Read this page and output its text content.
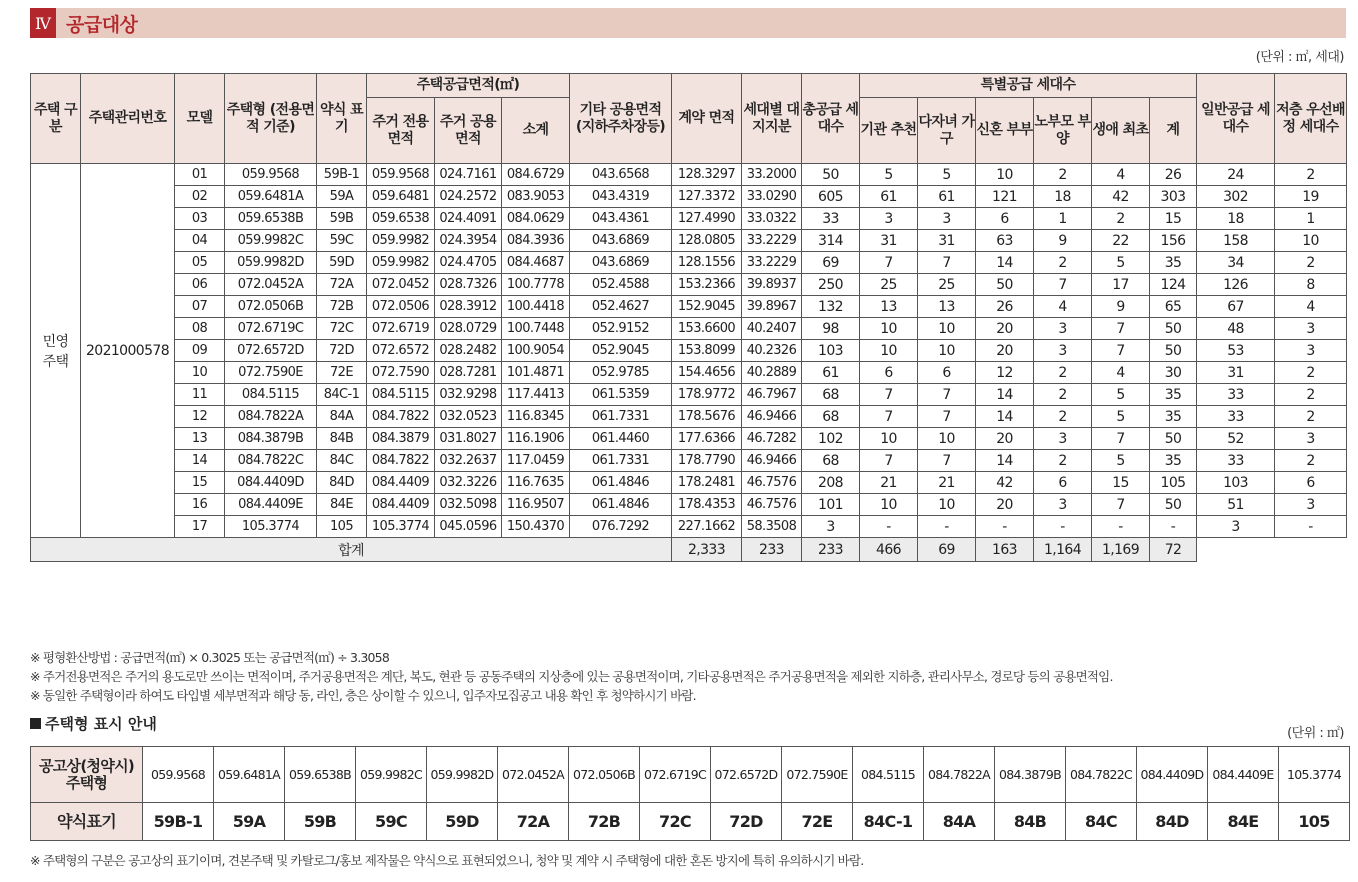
Ⅳ 공급대상
(단위 : ㎡, 세대)
주택 구분	주택관리번호	모델	주택형 (전용면적 기준)	약식 표기	주택공급면적(㎡)			기타 공용면적 (지하주차장등)	계약 면적	세대별 대지지분	총공급 세대수	특별공급 세대수						일반공급 세대수	저층 우선배정 세대수
					주거 전용면적	주거 공용면적	소계					기관 추천	다자녀 가구	신혼 부부	노부모 부양	생애 최초	계		
민영 주택	2021000578	01	059.9568	59B-1	059.9568	024.7161	084.6729	043.6568	128.3297	33.2000	50	5	5	10	2	4	26	24	2
		02	059.6481A	59A	059.6481	024.2572	083.9053	043.4319	127.3372	33.0290	605	61	61	121	18	42	303	302	19
		03	059.6538B	59B	059.6538	024.4091	084.0629	043.4361	127.4990	33.0322	33	3	3	6	1	2	15	18	1
		04	059.9982C	59C	059.9982	024.3954	084.3936	043.6869	128.0805	33.2229	314	31	31	63	9	22	156	158	10
		05	059.9982D	59D	059.9982	024.4705	084.4687	043.6869	128.1556	33.2229	69	7	7	14	2	5	35	34	2
		06	072.0452A	72A	072.0452	028.7326	100.7778	052.4588	153.2366	39.8937	250	25	25	50	7	17	124	126	8
		07	072.0506B	72B	072.0506	028.3912	100.4418	052.4627	152.9045	39.8967	132	13	13	26	4	9	65	67	4
		08	072.6719C	72C	072.6719	028.0729	100.7448	052.9152	153.6600	40.2407	98	10	10	20	3	7	50	48	3
		09	072.6572D	72D	072.6572	028.2482	100.9054	052.9045	153.8099	40.2326	103	10	10	20	3	7	50	53	3
		10	072.7590E	72E	072.7590	028.7281	101.4871	052.9785	154.4656	40.2889	61	6	6	12	2	4	30	31	2
		11	084.5115	84C-1	084.5115	032.9298	117.4413	061.5359	178.9772	46.7967	68	7	7	14	2	5	35	33	2
		12	084.7822A	84A	084.7822	032.0523	116.8345	061.7331	178.5676	46.9466	68	7	7	14	2	5	35	33	2
		13	084.3879B	84B	084.3879	031.8027	116.1906	061.4460	177.6366	46.7282	102	10	10	20	3	7	50	52	3
		14	084.7822C	84C	084.7822	032.2637	117.0459	061.7331	178.7790	46.9466	68	7	7	14	2	5	35	33	2
		15	084.4409D	84D	084.4409	032.3226	116.7635	061.4846	178.2481	46.7576	208	21	21	42	6	15	105	103	6
		16	084.4409E	84E	084.4409	032.5098	116.9507	061.4846	178.4353	46.7576	101	10	10	20	3	7	50	51	3
		17	105.3774	105	105.3774	045.0596	150.4370	076.7292	227.1662	58.3508	3	-	-	-	-	-	-	3	-
합계									2,333	233	233	466	69	163	1,164	1,169	72		
※ 평형환산방법 : 공급면적(㎡) × 0.3025 또는 공급면적(㎡) ÷ 3.3058
※ 주거전용면적은 주거의 용도로만 쓰이는 면적이며, 주거공용면적은 계단, 복도, 현관 등 공동주택의 지상층에 있는 공용면적이며, 기타공용면적은 주거공용면적을 제외한 지하층, 관리사무소, 경로당 등의 공용면적임.
※ 동일한 주택형이라 하여도 타입별 세부면적과 해당 동, 라인, 층은 상이할 수 있으니, 입주자모집공고 내용 확인 후 청약하시기 바람.
주택형 표시 안내
(단위 : ㎡)
공고상(청약시) 주택형	059.9568	059.6481A	059.6538B	059.9982C	059.9982D	072.0452A	072.0506B	072.6719C	072.6572D	072.7590E	084.5115	084.7822A	084.3879B	084.7822C	084.4409D	084.4409E	105.3774
약식표기	59B-1	59A	59B	59C	59D	72A	72B	72C	72D	72E	84C-1	84A	84B	84C	84D	84E	105
※ 주택형의 구분은 공고상의 표기이며, 견본주택 및 카탈로그/홍보 제작물은 약식으로 표현되었으니, 청약 및 계약 시 주택형에 대한 혼돈 방지에 특히 유의하시기 바람.
